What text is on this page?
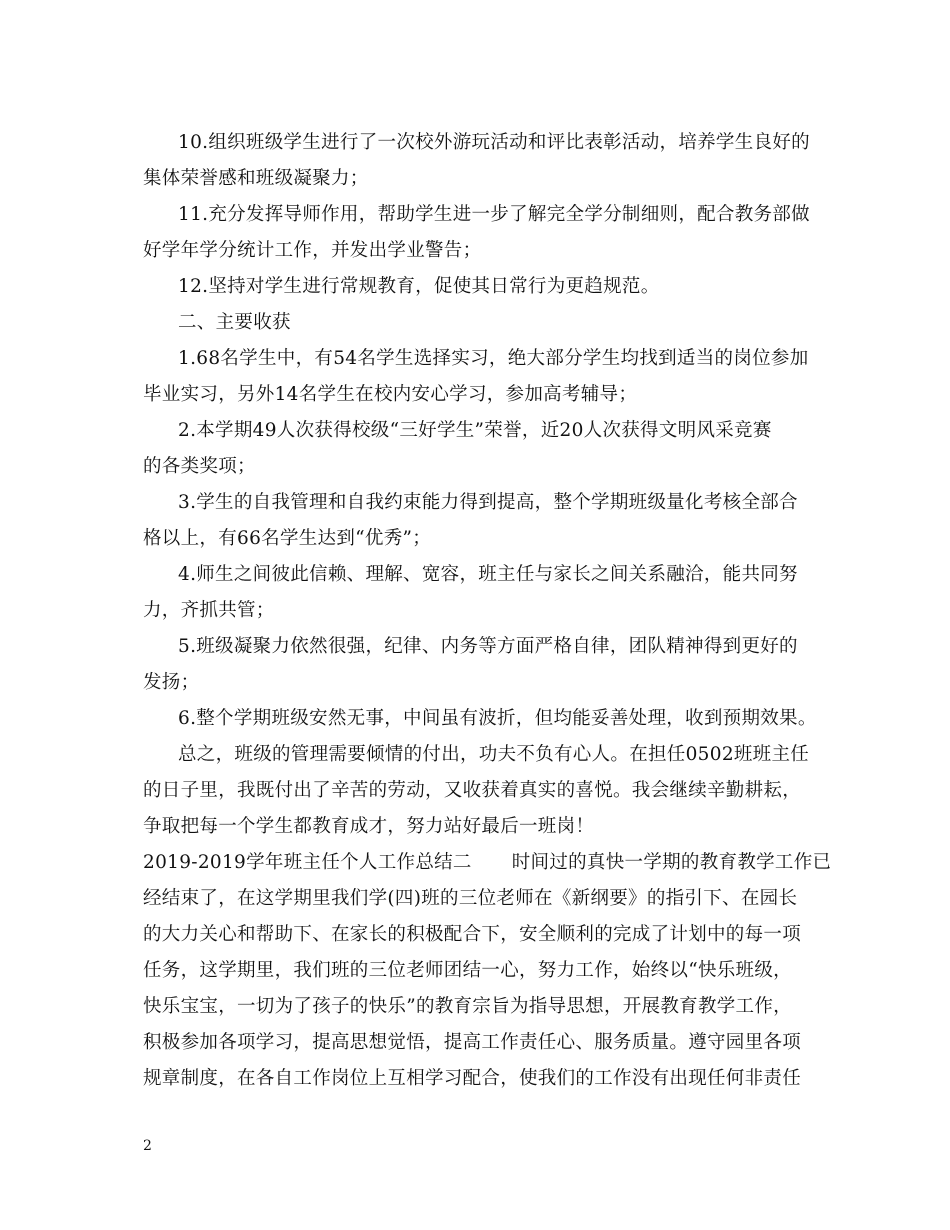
10.组织班级学生进行了一次校外游玩活动和评比表彰活动，培养学生良好的

集体荣誉感和班级凝聚力；

11.充分发挥导师作用，帮助学生进一步了解完全学分制细则，配合教务部做

好学年学分统计工作，并发出学业警告；

12.坚持对学生进行常规教育，促使其日常行为更趋规范。

二、主要收获

1.68名学生中，有54名学生选择实习，绝大部分学生均找到适当的岗位参加

毕业实习，另外14名学生在校内安心学习，参加高考辅导；

2.本学期49人次获得校级“三好学生”荣誉，近20人次获得文明风采竞赛

的各类奖项；

3.学生的自我管理和自我约束能力得到提高，整个学期班级量化考核全部合

格以上，有66名学生达到“优秀”；

4.师生之间彼此信赖、理解、宽容，班主任与家长之间关系融洽，能共同努

力，齐抓共管；

5.班级凝聚力依然很强，纪律、内务等方面严格自律，团队精神得到更好的

发扬；

6.整个学期班级安然无事，中间虽有波折，但均能妥善处理，收到预期效果。

总之，班级的管理需要倾情的付出，功夫不负有心人。在担任0502班班主任

的日子里，我既付出了辛苦的劳动，又收获着真实的喜悦。我会继续辛勤耕耘，

争取把每一个学生都教育成才，努力站好最后一班岗！

2019-2019学年班主任个人工作总结二 时间过的真快一学期的教育教学工作已

经结束了，在这学期里我们学(四)班的三位老师在《新纲要》的指引下、在园长

的大力关心和帮助下、在家长的积极配合下，安全顺利的完成了计划中的每一项

任务，这学期里，我们班的三位老师团结一心，努力工作，始终以“快乐班级，

快乐宝宝，一切为了孩子的快乐”的教育宗旨为指导思想，开展教育教学工作，

积极参加各项学习，提高思想觉悟，提高工作责任心、服务质量。遵守园里各项

规章制度，在各自工作岗位上互相学习配合，使我们的工作没有出现任何非责任

2
